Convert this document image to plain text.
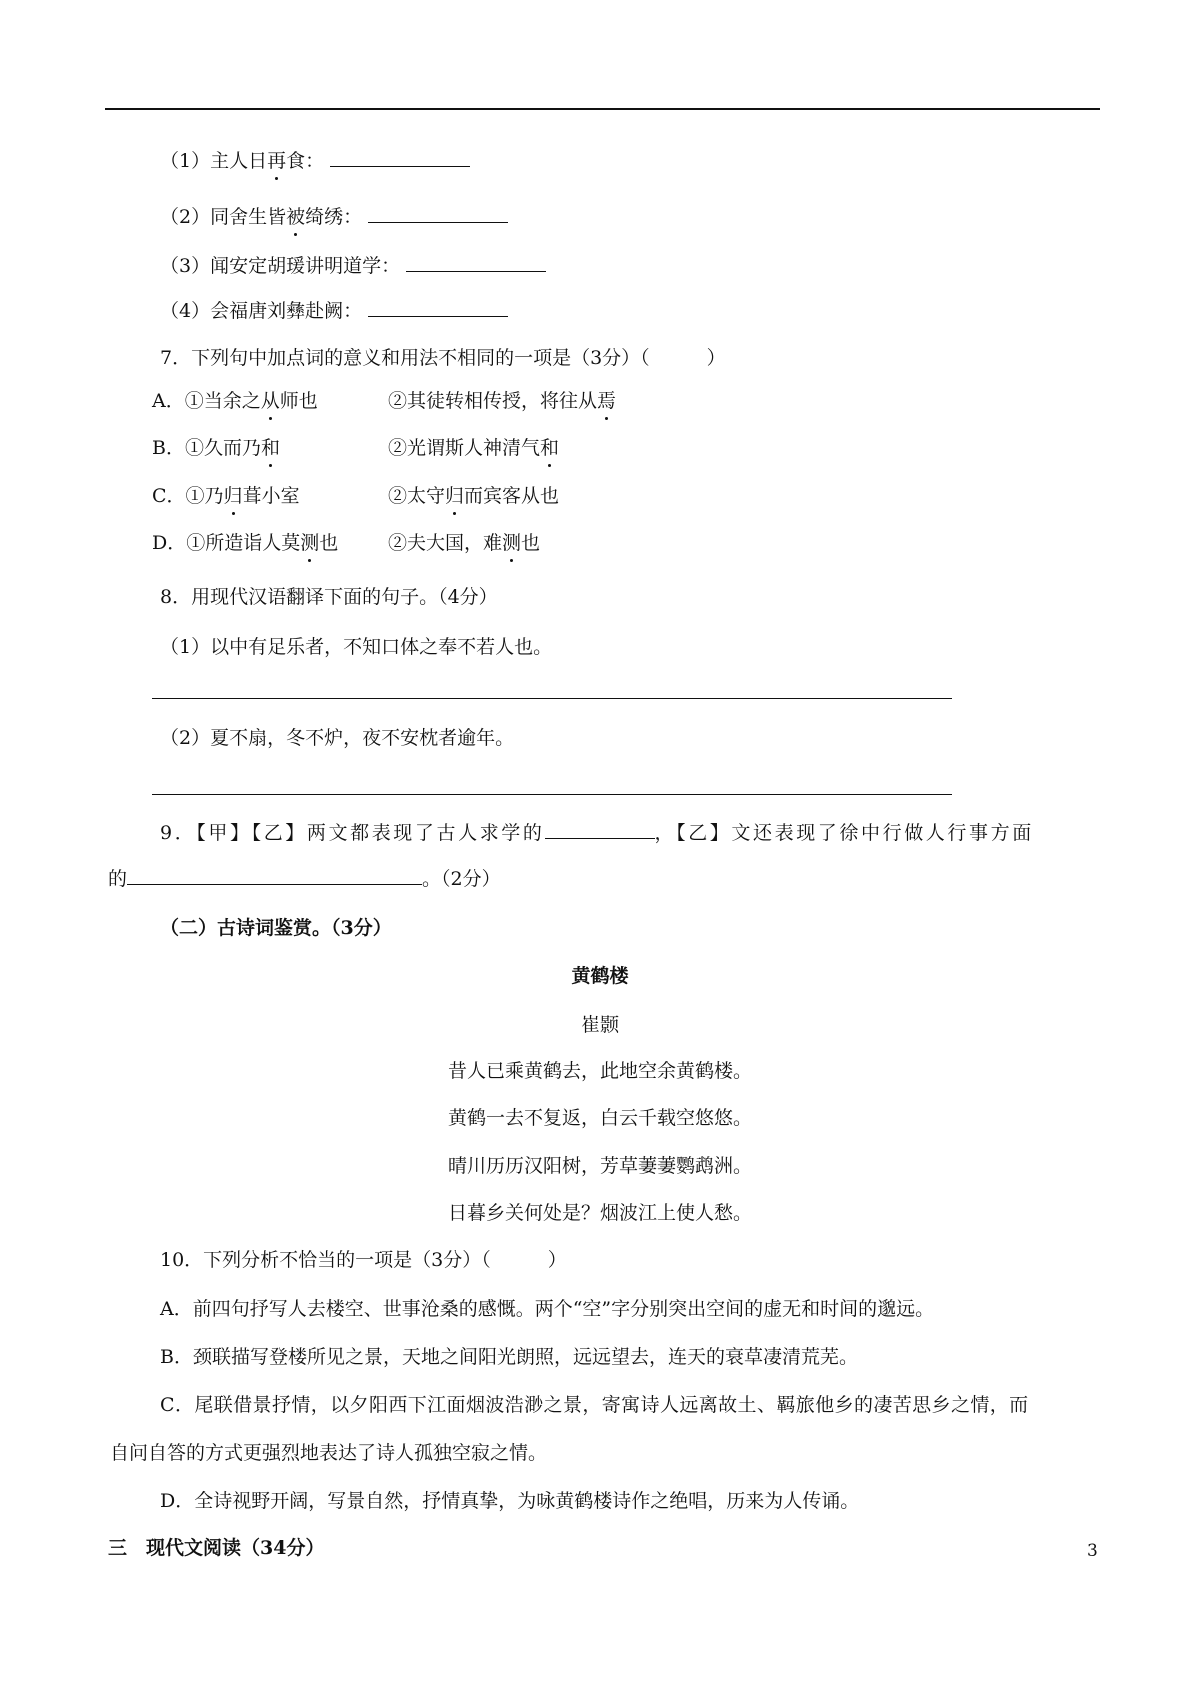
（1）主人日再食：
（2）同舍生皆被绮绣：
（3）闻安定胡瑗讲明道学：
（4）会福唐刘彝赴阙：
7．下列句中加点词的意义和用法不相同的一项是（3分）（　　　）
A．①当余之从师也	②其徒转相传授，将往从焉
B．①久而乃和	②光谓斯人神清气和
C．①乃归葺小室	②太守归而宾客从也
D．①所造诣人莫测也	②夫大国，难测也
8．用现代汉语翻译下面的句子。（4分）
（1）以中有足乐者，不知口体之奉不若人也。
（2）夏不扇，冬不炉，夜不安枕者逾年。
9．【甲】【乙】两文都表现了古人求学的	，【乙】文还表现了徐中行做人行事方面
的	。（2分）
（二）古诗词鉴赏。（3分）
黄鹤楼
崔颢
昔人已乘黄鹤去，此地空余黄鹤楼。
黄鹤一去不复返，白云千载空悠悠。
晴川历历汉阳树，芳草萋萋鹦鹉洲。
日暮乡关何处是？烟波江上使人愁。
10．下列分析不恰当的一项是（3分）（　　　）
A．前四句抒写人去楼空、世事沧桑的感慨。两个“空”字分别突出空间的虚无和时间的邈远。
B．颈联描写登楼所见之景，天地之间阳光朗照，远远望去，连天的衰草凄清荒芜。
C．尾联借景抒情，以夕阳西下江面烟波浩渺之景，寄寓诗人远离故土、羁旅他乡的凄苦思乡之情，而
自问自答的方式更强烈地表达了诗人孤独空寂之情。
D．全诗视野开阔，写景自然，抒情真挚，为咏黄鹤楼诗作之绝唱，历来为人传诵。
三　现代文阅读（34分）	3
